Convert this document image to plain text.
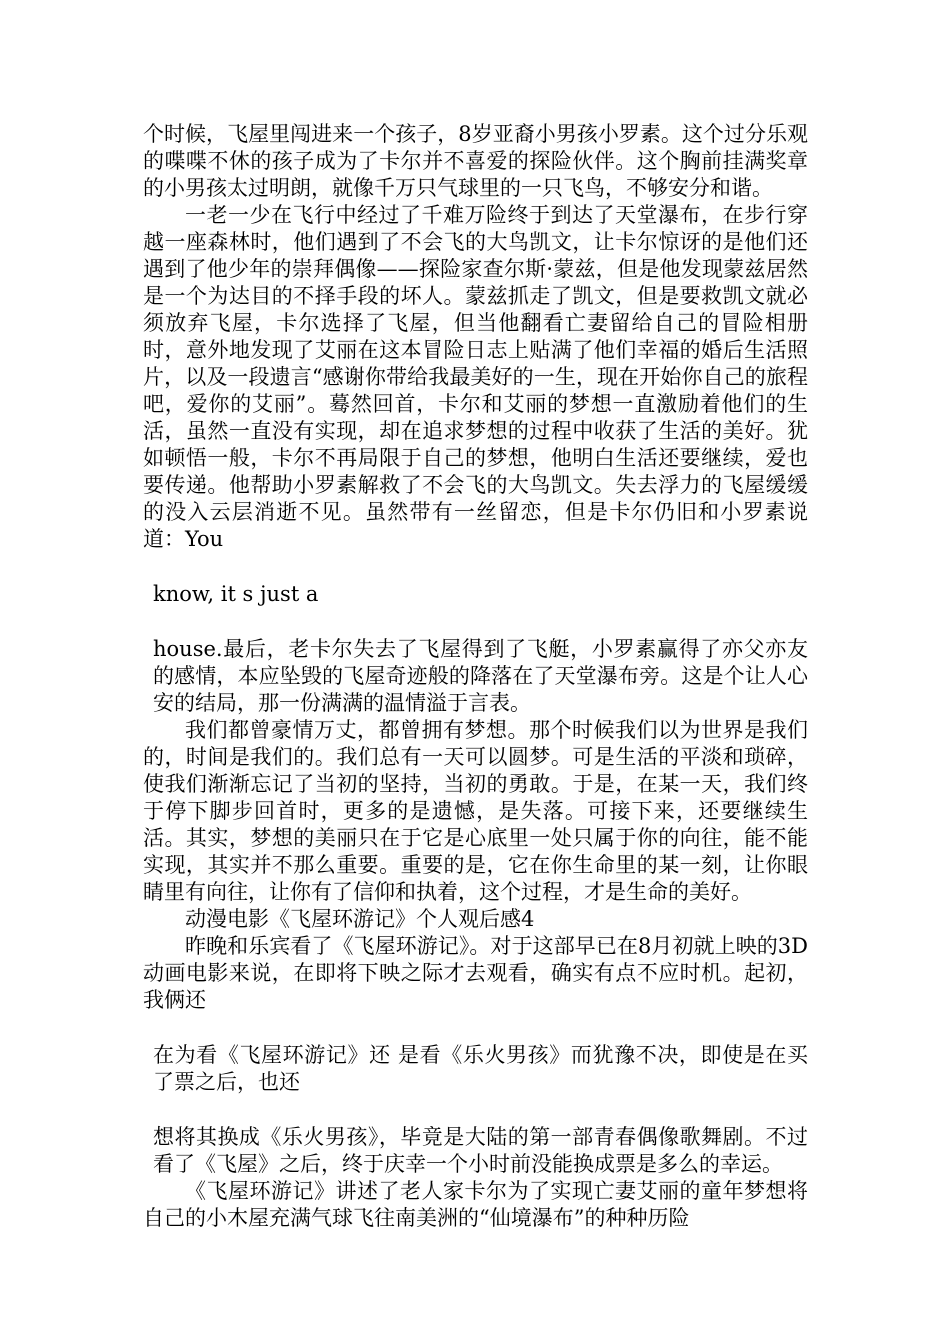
个时候，飞屋里闯进来一个孩子，8岁亚裔小男孩小罗素。这个过分乐观的喋喋不休的孩子成为了卡尔并不喜爱的探险伙伴。这个胸前挂满奖章的小男孩太过明朗，就像千万只气球里的一只飞鸟，不够安分和谐。

一老一少在飞行中经过了千难万险终于到达了天堂瀑布，在步行穿越一座森林时，他们遇到了不会飞的大鸟凯文，让卡尔惊讶的是他们还遇到了他少年的崇拜偶像——探险家查尔斯·蒙兹，但是他发现蒙兹居然是一个为达目的不择手段的坏人。蒙兹抓走了凯文，但是要救凯文就必须放弃飞屋，卡尔选择了飞屋，但当他翻看亡妻留给自己的冒险相册时，意外地发现了艾丽在这本冒险日志上贴满了他们幸福的婚后生活照片，以及一段遗言“感谢你带给我最美好的一生，现在开始你自己的旅程吧，爱你的艾丽”。蓦然回首，卡尔和艾丽的梦想一直激励着他们的生活，虽然一直没有实现，却在追求梦想的过程中收获了生活的美好。犹如顿悟一般，卡尔不再局限于自己的梦想，他明白生活还要继续，爱也要传递。他帮助小罗素解救了不会飞的大鸟凯文。失去浮力的飞屋缓缓的没入云层消逝不见。虽然带有一丝留恋，但是卡尔仍旧和小罗素说道：You

know, it s just a

house.最后，老卡尔失去了飞屋得到了飞艇，小罗素赢得了亦父亦友的感情，本应坠毁的飞屋奇迹般的降落在了天堂瀑布旁。这是个让人心安的结局，那一份满满的温情溢于言表。

我们都曾豪情万丈，都曾拥有梦想。那个时候我们以为世界是我们的，时间是我们的。我们总有一天可以圆梦。可是生活的平淡和琐碎，使我们渐渐忘记了当初的坚持，当初的勇敢。于是，在某一天，我们终于停下脚步回首时，更多的是遗憾，是失落。可接下来，还要继续生活。其实，梦想的美丽只在于它是心底里一处只属于你的向往，能不能实现，其实并不那么重要。重要的是，它在你生命里的某一刻，让你眼睛里有向往，让你有了信仰和执着，这个过程，才是生命的美好。

动漫电影《飞屋环游记》个人观后感4

昨晚和乐宾看了《飞屋环游记》。对于这部早已在8月初就上映的3D动画电影来说，在即将下映之际才去观看，确实有点不应时机。起初，我俩还

在为看《飞屋环游记》还 是看《乐火男孩》而犹豫不决，即使是在买了票之后，也还

想将其换成《乐火男孩》，毕竟是大陆的第一部青春偶像歌舞剧。不过看了《飞屋》之后，终于庆幸一个小时前没能换成票是多么的幸运。

《飞屋环游记》讲述了老人家卡尔为了实现亡妻艾丽的童年梦想将自己的小木屋充满气球飞往南美洲的“仙境瀑布”的种种历险
